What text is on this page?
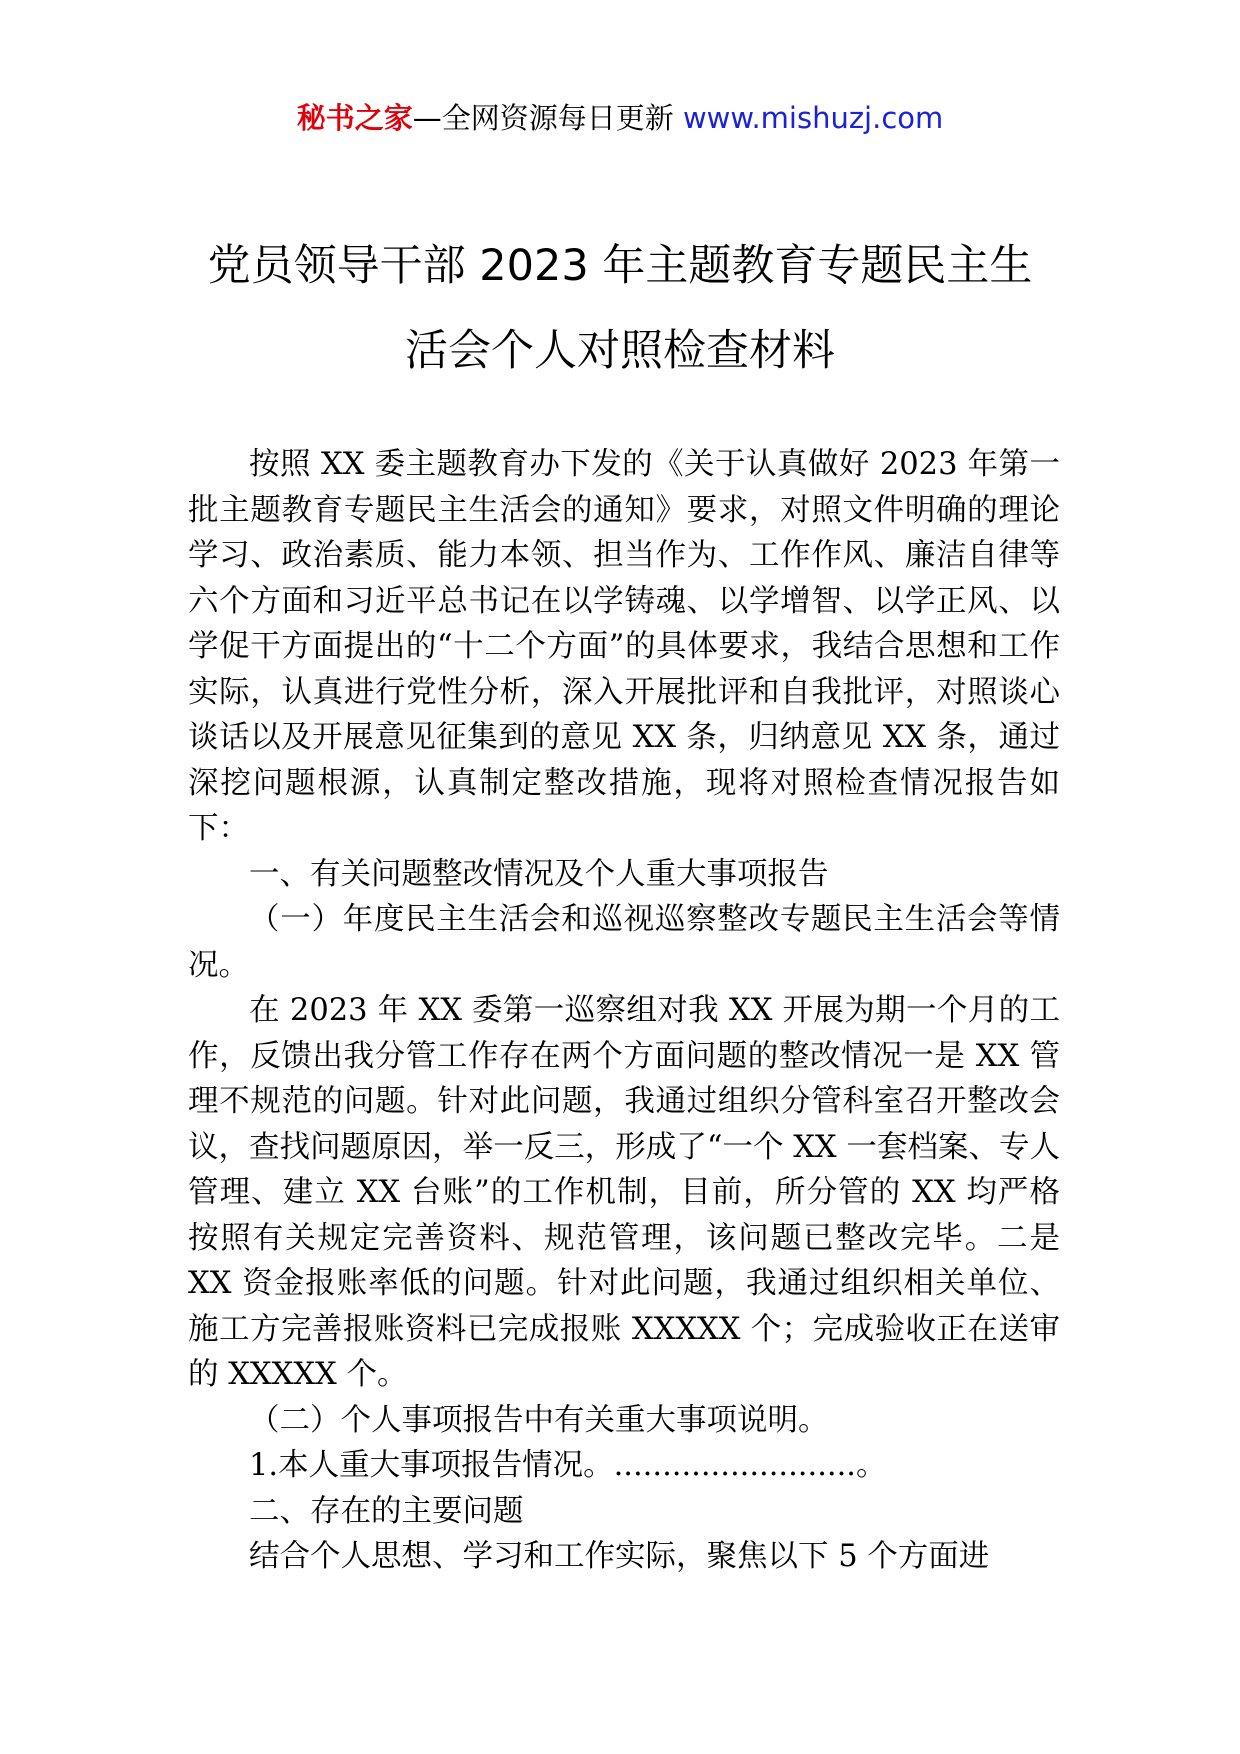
秘书之家—全网资源每日更新 www.mishuzj.com
党员领导干部 2023 年主题教育专题民主生
活会个人对照检查材料

按照 XX 委主题教育办下发的《关于认真做好 2023 年第一批主题教育专题民主生活会的通知》要求，对照文件明确的理论学习、政治素质、能力本领、担当作为、工作作风、廉洁自律等六个方面和习近平总书记在以学铸魂、以学增智、以学正风、以学促干方面提出的“十二个方面”的具体要求，我结合思想和工作实际，认真进行党性分析，深入开展批评和自我批评，对照谈心谈话以及开展意见征集到的意见 XX 条，归纳意见 XX 条，通过深挖问题根源，认真制定整改措施，现将对照检查情况报告如下：

一、有关问题整改情况及个人重大事项报告

（一）年度民主生活会和巡视巡察整改专题民主生活会等情况。

在 2023 年 XX 委第一巡察组对我 XX 开展为期一个月的工作，反馈出我分管工作存在两个方面问题的整改情况一是 XX 管理不规范的问题。针对此问题，我通过组织分管科室召开整改会议，查找问题原因，举一反三，形成了“一个 XX 一套档案、专人管理、建立 XX 台账”的工作机制，目前，所分管的 XX 均严格按照有关规定完善资料、规范管理，该问题已整改完毕。二是 XX 资金报账率低的问题。针对此问题，我通过组织相关单位、施工方完善报账资料已完成报账 XXXXX 个；完成验收正在送审的 XXXXX 个。

（二）个人事项报告中有关重大事项说明。

1.本人重大事项报告情况。.........................。

二、存在的主要问题

结合个人思想、学习和工作实际，聚焦以下 5 个方面进
